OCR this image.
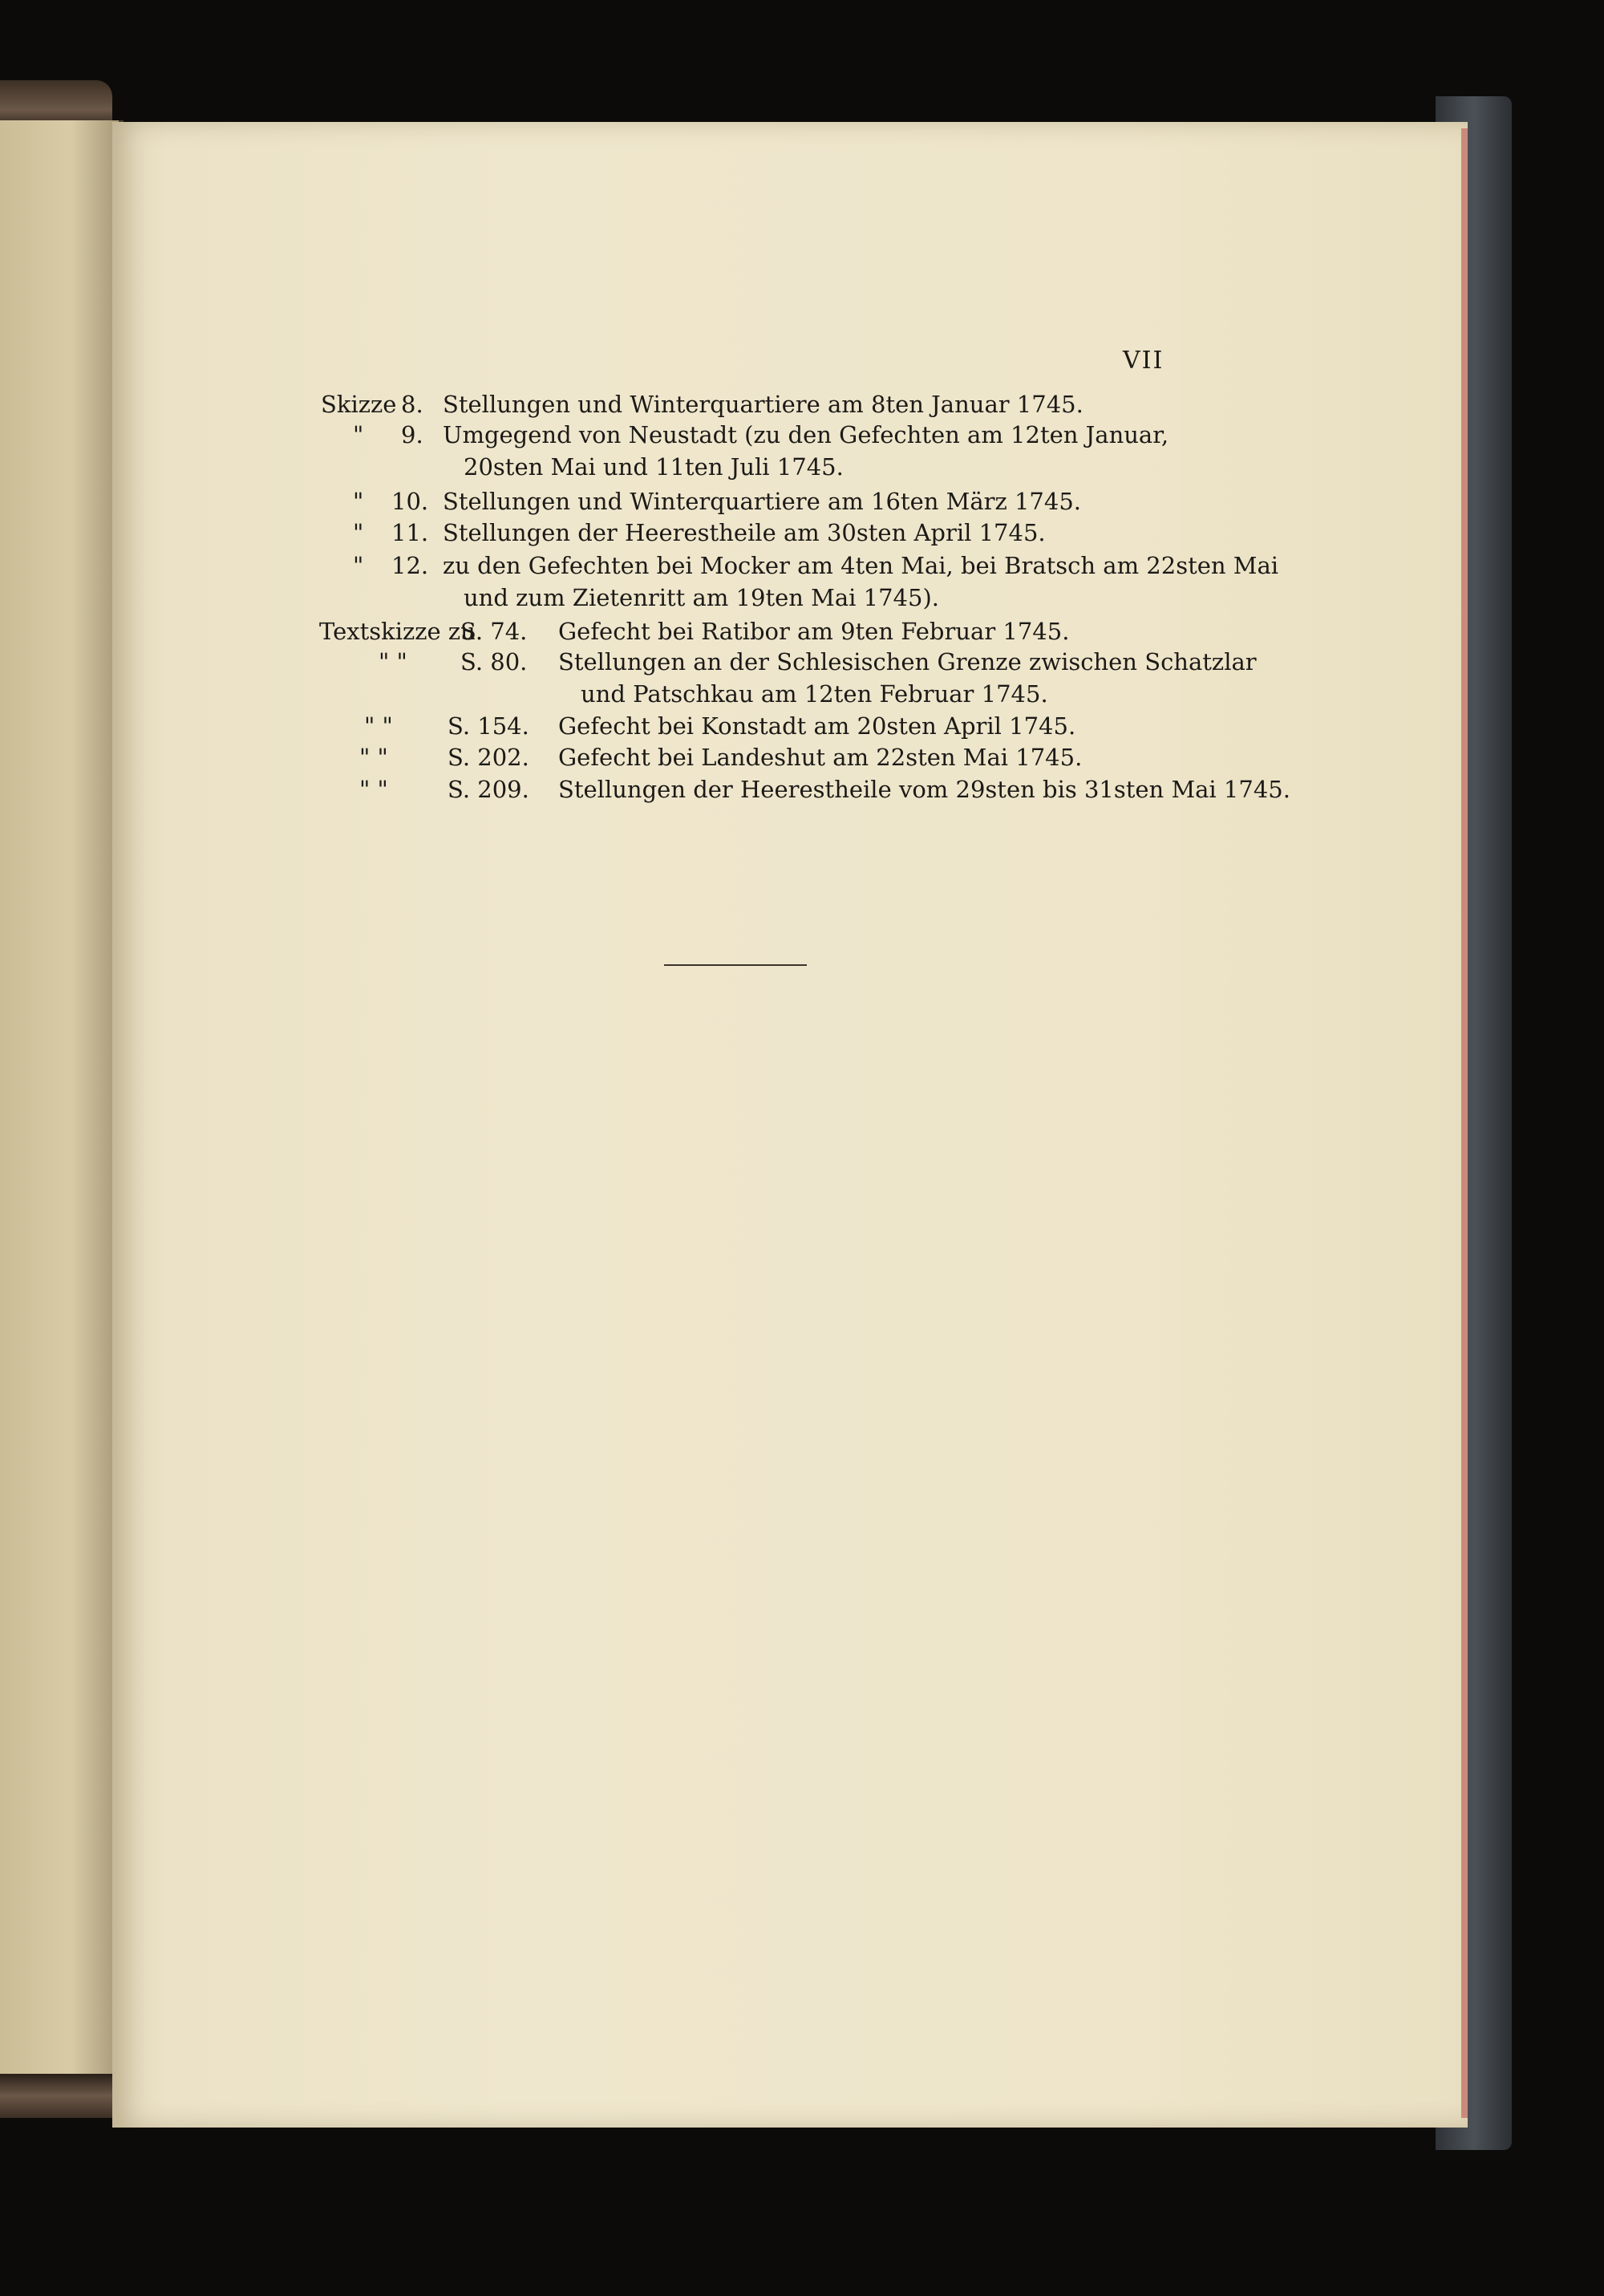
VII
Skizze 8. Stellungen und Winterquartiere am 8ten Januar 1745.
" 9. Umgegend von Neustadt (zu den Gefechten am 12ten Januar,
20sten Mai und 11ten Juli 1745.
" 10. Stellungen und Winterquartiere am 16ten März 1745.
" 11. Stellungen der Heerestheile am 30sten April 1745.
" 12. zu den Gefechten bei Mocker am 4ten Mai, bei Bratsch am 22sten Mai
und zum Zietenritt am 19ten Mai 1745).
Textskizze zu
S. 74. Gefecht bei Ratibor am 9ten Februar 1745.
" " S. 80. Stellungen an der Schlesischen Grenze zwischen Schatzlar
und Patschkau am 12ten Februar 1745.
" " S. 154. Gefecht bei Konstadt am 20sten April 1745.
" "	S. 202. Gefecht bei Landeshut am 22sten Mai 1745.
" "	S. 209. Stellungen der Heerestheile vom 29sten bis 31sten Mai 1745.
